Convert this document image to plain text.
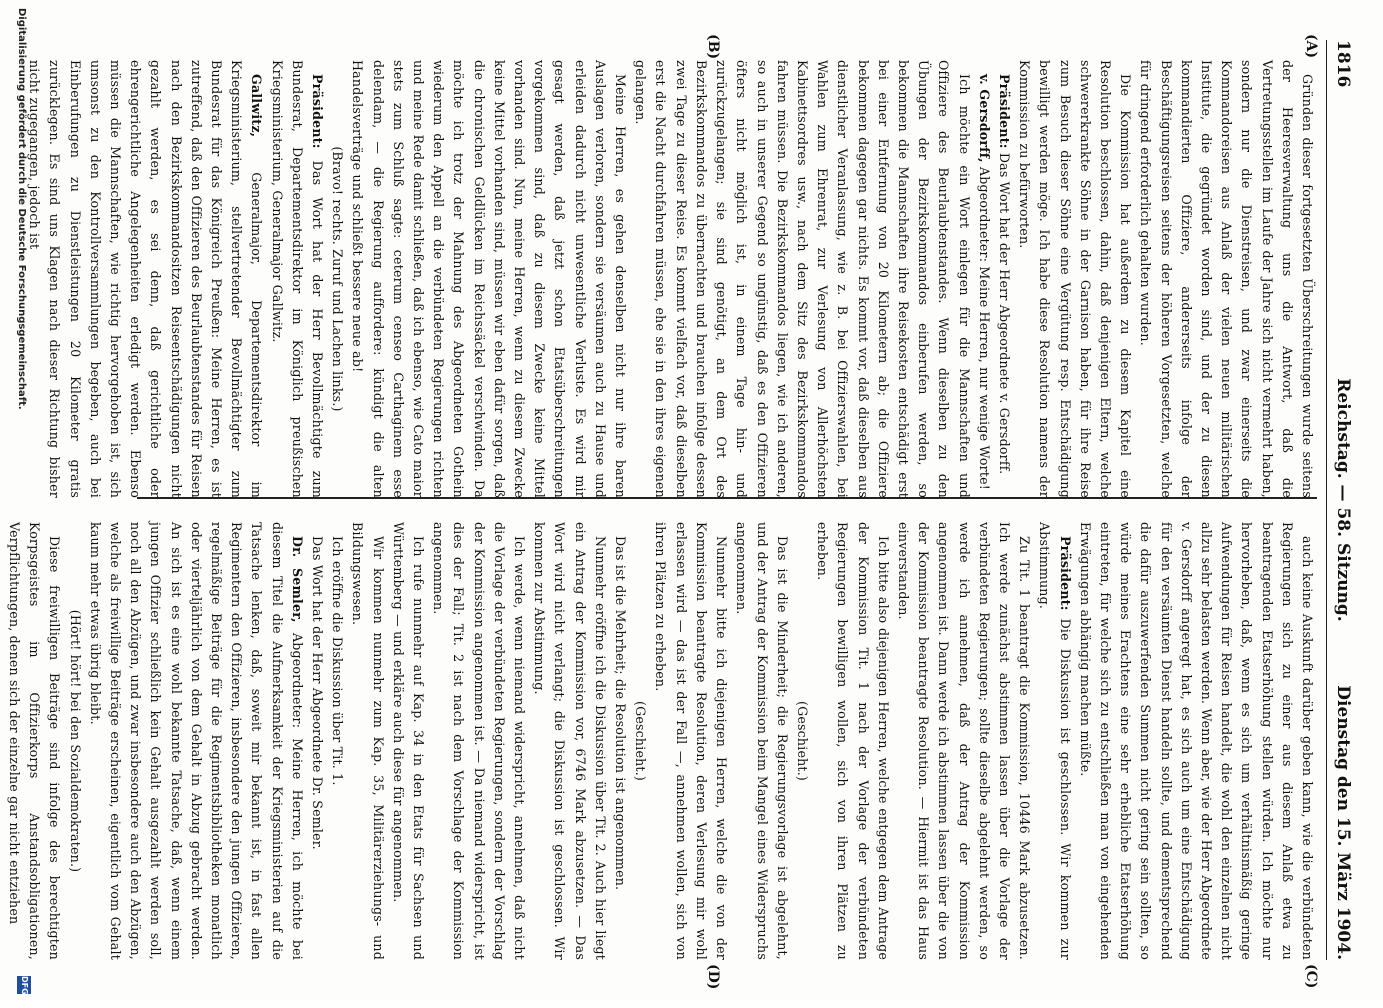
1816
Reichstag. — 58. Sitzung.
Dienstag den 15. März 1904.
(A)
(B)
(C)
(D)

Gründen dieser fortgesetzten Überschreitungen wurde seitens der Heeresverwaltung uns die Antwort, daß die Vertretungsstellen im Laufe der Jahre sich nicht vermehrt haben, sondern nur die Dienstreisen, und zwar einerseits die Kommandoreisen aus Anlaß der vielen neuen militärischen Institute, die gegründet worden sind, und der zu diesen kommandierten Offiziere, andererseits infolge der Beschäftigungsreisen seitens der höheren Vorgesetzten, welche für dringend erforderlich gehalten wurden.

Die Kommission hat außerdem zu diesem Kapitel eine Resolution beschlossen, dahin, daß denjenigen Eltern, welche schwererkrankte Söhne in der Garnison haben, für ihre Reise zum Besuch dieser Söhne eine Vergütung resp. Entschädigung bewilligt werden möge. Ich habe diese Resolution namens der Kommission zu befürworten.

Präsident: Das Wort hat der Herr Abgeordnete v. Gersdorff.

v. Gersdorff, Abgeordneter: Meine Herren, nur wenige Worte!

Ich möchte ein Wort einlegen für die Mannschaften und Offiziere des Beurlaubtenstandes. Wenn dieselben zu den Übungen der Bezirkskommandos einberufen werden, so bekommen die Mannschaften ihre Reisekosten entschädigt erst bei einer Entfernung von 20 Kilometern ab; die Offiziere bekommen dagegen gar nichts. Es kommt vor, daß dieselben aus dienstlicher Veranlassung, wie z. B. bei Offizierswahlen, bei Wahlen zum Ehrenrat, zur Verlesung von Allerhöchsten Kabinettsordres usw., nach dem Sitz des Bezirkskommandos fahren müssen. Die Bezirkskommandos liegen, wie ich anderen, so auch in unserer Gegend so ungünstig, daß es den Offizieren öfters nicht möglich ist, in einem Tage hin- und zurückzugelangen; sie sind genötigt, an dem Ort des Bezirkskommandos zu übernachten und brauchen infolge dessen zwei Tage zu dieser Reise. Es kommt vielfach vor, daß dieselben erst die Nacht durchfahren müssen, ehe sie in den ihres eigenen gelangen.

Meine Herren, es gehen denselben nicht nur ihre baren Auslagen verloren, sondern sie versäumen auch zu Hause und erleiden dadurch nicht unwesentliche Verluste. Es wird mir gesagt werden, daß jetzt schon Etatsüberschreitungen vorgekommen sind, daß zu diesem Zwecke keine Mittel vorhanden sind. Nun, meine Herren, wenn zu diesem Zwecke keine Mittel vorhanden sind, müssen wir eben dafür sorgen, daß die chronischen Geldlücken im Reichssäckel verschwinden. Da möchte ich trotz der Mahnung des Abgeordneten Gothein wiederum den Appell an die verbündeten Regierungen richten und meine Rede damit schließen, daß ich ebenso, wie Cato maior stets zum Schluß sagte: ceterum censeo Carthaginem esse delendam, — die Regierung auffordere: kündigt die alten Handelsverträge und schließt bessere neue ab!

(Bravo! rechts. Zuruf und Lachen links.)

Präsident: Das Wort hat der Herr Bevollmächtigte zum Bundesrat, Departementsdirektor im Königlich preußischen Kriegsministerium, Generalmajor Gallwitz.

Gallwitz, Generalmajor, Departementsdirektor im Kriegsministerium, stellvertretender Bevollmächtigter zum Bundesrat für das Königreich Preußen: Meine Herren, es ist zutreffend, daß den Offizieren des Beurlaubtenstandes für Reisen nach den Bezirkskommandositzen Reiseentschädigungen nicht gezahlt werden, es sei denn, daß gerichtliche oder ehrengerichtliche Angelegenheiten erledigt werden. Ebenso müssen die Mannschaften, wie richtig hervorgehoben ist, sich umsonst zu den Kontrollversammlungen begeben, auch bei Einberufungen zu Dienstleistungen 20 Kilometer gratis zurücklegen. Es sind uns Klagen nach dieser Richtung bisher nicht zugegangen, jedoch ist

auch keine Auskunft darüber geben kann, wie die verbündeten Regierungen sich zu einer aus diesem Anlaß etwa zu beantragenden Etatserhöhung stellen würden. Ich möchte nur hervorheben, daß, wenn es sich um verhältnismäßig geringe Aufwendungen für Reisen handelt, die wohl den einzelnen nicht allzu sehr belasten werden. Wenn aber, wie der Herr Abgeordnete v. Gersdorff angeregt hat, es sich auch um eine Entschädigung für den versäumten Dienst handeln sollte, und dementsprechend die dafür auszuwerfenden Summen nicht gering sein sollten, so würde meines Erachtens eine sehr erhebliche Etatserhöhung eintreten, für welche sich zu entschließen man von eingehenden Erwägungen abhängig machen müßte.

Präsident: Die Diskussion ist geschlossen. Wir kommen zur Abstimmung.

Zu Tit. 1 beantragt die Kommission, 10446 Mark abzusetzen. Ich werde zunächst abstimmen lassen über die Vorlage der verbündeten Regierungen; sollte dieselbe abgelehnt werden, so werde ich annehmen, daß der Antrag der Kommission angenommen ist. Dann werde ich abstimmen lassen über die von der Kommission beantragte Resolution. — Hiermit ist das Haus einverstanden.

Ich bitte also diejenigen Herren, welche entgegen dem Antrage der Kommission Tit. 1 nach der Vorlage der verbündeten Regierungen bewilligen wollen, sich von ihren Plätzen zu erheben.

(Geschieht.)

Das ist die Minderheit; die Regierungsvorlage ist abgelehnt, und der Antrag der Kommission beim Mangel eines Widerspruchs angenommen.

Nunmehr bitte ich diejenigen Herren, welche die von der Kommission beantragte Resolution, deren Verlesung mir wohl erlassen wird — das ist der Fall —, annehmen wollen, sich von ihren Plätzen zu erheben.

(Geschieht.)

Das ist die Mehrheit; die Resolution ist angenommen.

Nunmehr eröffne ich die Diskussion über Tit. 2. Auch hier liegt ein Antrag der Kommission vor, 6746 Mark abzusetzen. — Das Wort wird nicht verlangt; die Diskussion ist geschlossen. Wir kommen zur Abstimmung.

Ich werde, wenn niemand widerspricht, annehmen, daß nicht die Vorlage der verbündeten Regierungen, sondern der Vorschlag der Kommission angenommen ist. — Da niemand widerspricht, ist dies der Fall; Tit. 2 ist nach dem Vorschlage der Kommission angenommen.

Ich rufe nunmehr auf Kap. 34 in den Etats für Sachsen und Württemberg — und erkläre auch diese für angenommen.

Wir kommen nunmehr zum Kap. 35, Militärerziehungs- und Bildungswesen.

Ich eröffne die Diskussion über Tit. 1.

Das Wort hat der Herr Abgeordnete Dr. Semler.

Dr. Semler, Abgeordneter: Meine Herren, ich möchte bei diesem Titel die Aufmerksamkeit der Kriegsministerien auf die Tatsache lenken, daß, soweit mir bekannt ist, in fast allen Regimentern den Offizieren, insbesondere den jungen Offizieren, regelmäßige Beiträge für die Regimentsbibliotheken monatlich oder vierteljährlich von dem Gehalt in Abzug gebracht werden. An sich ist es eine wohl bekannte Tatsache, daß, wenn einem jungen Offizier schließlich kein Gehalt ausgezahlt werden soll, noch all den Abzügen, und zwar insbesondere auch den Abzügen, welche als freiwillige Beiträge erscheinen, eigentlich vom Gehalt kaum mehr etwas übrig bleibt.

(Hört! hört! bei den Sozialdemokraten.)

Diese freiwilligen Beiträge sind infolge des berechtigten Korpsgeistes im Offizierkorps Anstandsobligationen, Verpflichtungen, denen sich der einzelne gar nicht entziehen

Digitalisierung gefördert durch die Deutsche Forschungsgemeinschaft.
DFG
